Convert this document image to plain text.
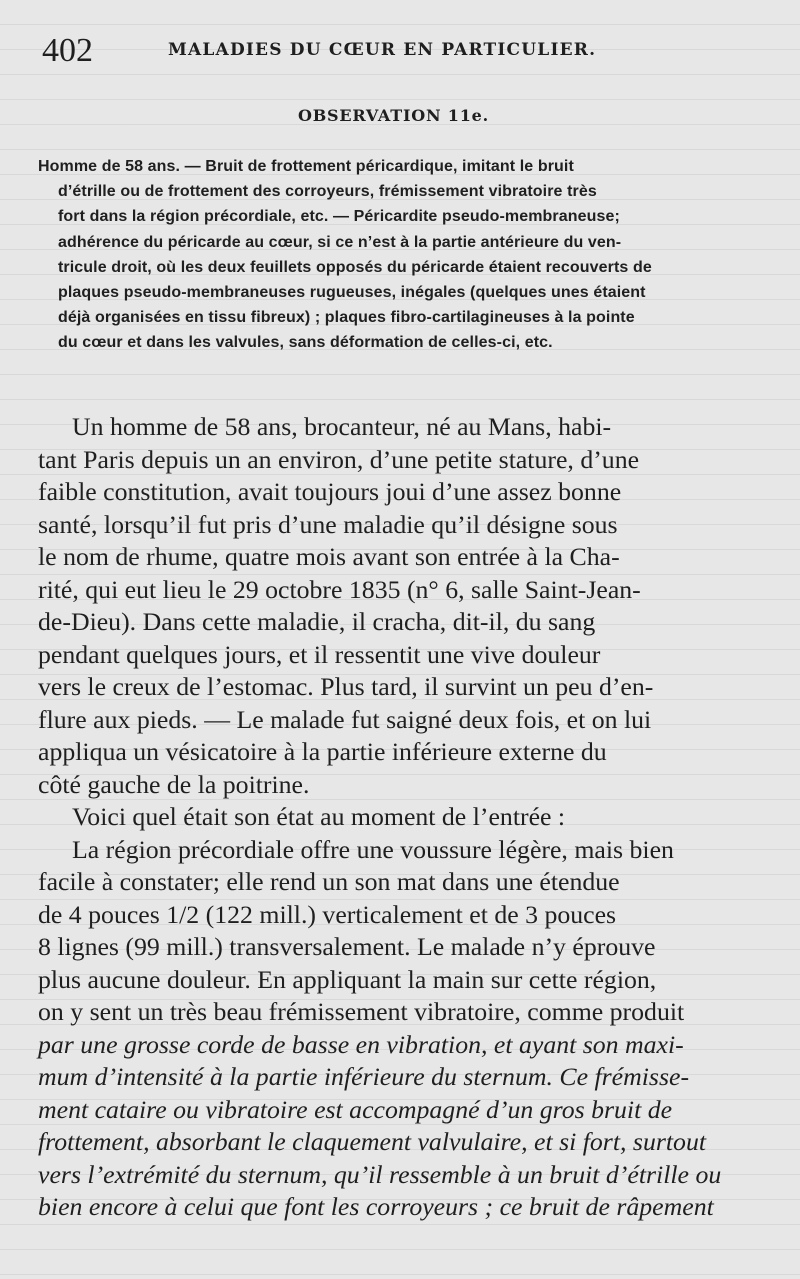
402	MALADIES DU CŒUR EN PARTICULIER.
OBSERVATION 11e.
Homme de 58 ans. — Bruit de frottement péricardique, imitant le bruit
d’étrille ou de frottement des corroyeurs, frémissement vibratoire très
fort dans la région précordiale, etc. — Péricardite pseudo-membraneuse;
adhérence du péricarde au cœur, si ce n’est à la partie antérieure du ven-
tricule droit, où les deux feuillets opposés du péricarde étaient recouverts de
plaques pseudo-membraneuses rugueuses, inégales (quelques unes étaient
déjà organisées en tissu fibreux) ; plaques fibro-cartilagineuses à la pointe
du cœur et dans les valvules, sans déformation de celles-ci, etc.
Un homme de 58 ans, brocanteur, né au Mans, habi-
tant Paris depuis un an environ, d’une petite stature, d’une
faible constitution, avait toujours joui d’une assez bonne
santé, lorsqu’il fut pris d’une maladie qu’il désigne sous
le nom de rhume, quatre mois avant son entrée à la Cha-
rité, qui eut lieu le 29 octobre 1835 (n° 6, salle Saint-Jean-
de-Dieu). Dans cette maladie, il cracha, dit-il, du sang
pendant quelques jours, et il ressentit une vive douleur
vers le creux de l’estomac. Plus tard, il survint un peu d’en-
flure aux pieds. — Le malade fut saigné deux fois, et on lui
appliqua un vésicatoire à la partie inférieure externe du
côté gauche de la poitrine.
Voici quel était son état au moment de l’entrée :
La région précordiale offre une voussure légère, mais bien
facile à constater; elle rend un son mat dans une étendue
de 4 pouces 1/2 (122 mill.) verticalement et de 3 pouces
8 lignes (99 mill.) transversalement. Le malade n’y éprouve
plus aucune douleur. En appliquant la main sur cette région,
on y sent un très beau frémissement vibratoire, comme produit
par une grosse corde de basse en vibration, et ayant son maxi-
mum d’intensité à la partie inférieure du sternum. Ce frémisse-
ment cataire ou vibratoire est accompagné d’un gros bruit de
frottement, absorbant le claquement valvulaire, et si fort, surtout
vers l’extrémité du sternum, qu’il ressemble à un bruit d’étrille ou
bien encore à celui que font les corroyeurs ; ce bruit de râpement
